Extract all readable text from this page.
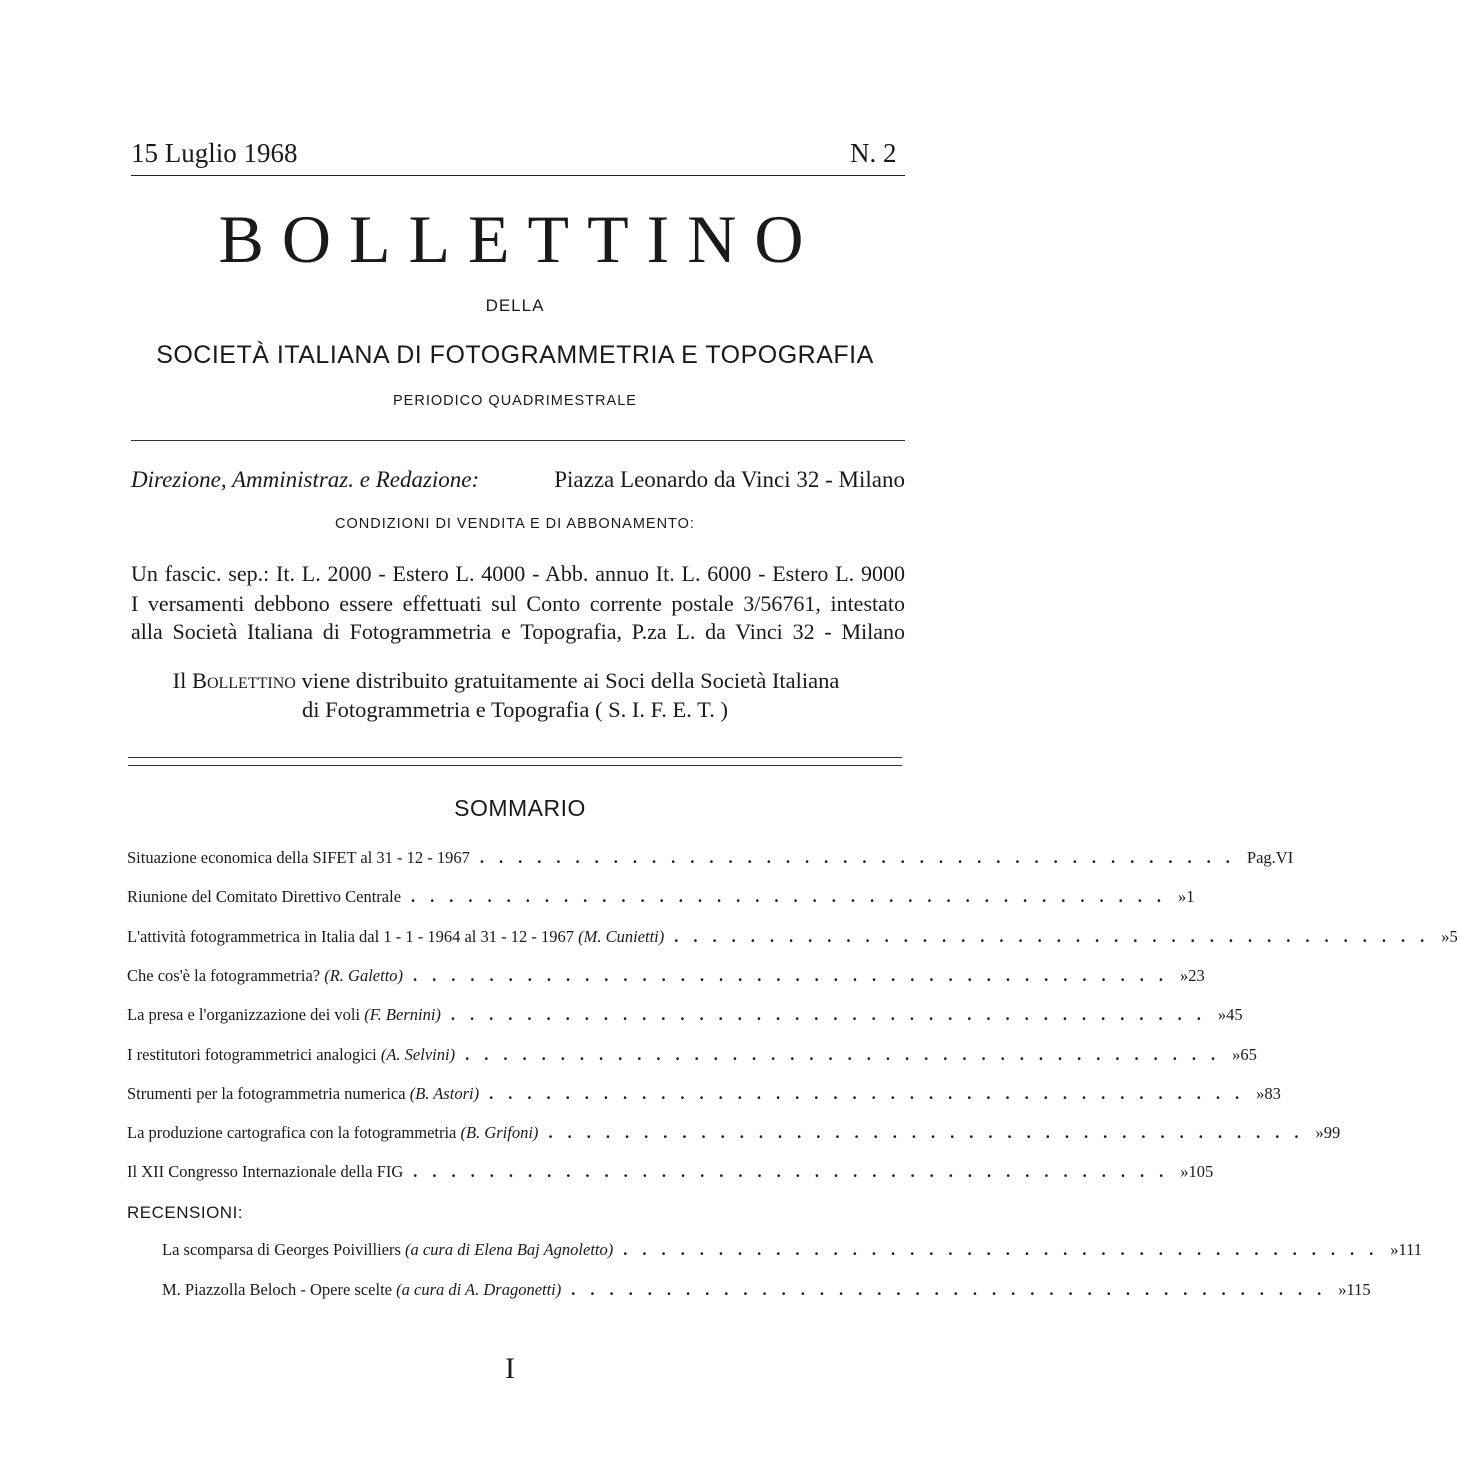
15 Luglio 1968	N. 2
BOLLETTINO
DELLA
SOCIETÀ ITALIANA DI FOTOGRAMMETRIA E TOPOGRAFIA
PERIODICO QUADRIMESTRALE
Direzione, Amministraz. e Redazione:	Piazza Leonardo da Vinci 32 - Milano
CONDIZIONI DI VENDITA E DI ABBONAMENTO:
Un fascic. sep.: It. L. 2000 - Estero L. 4000 - Abb. annuo It. L. 6000 - Estero L. 9000
I versamenti debbono essere effettuati sul Conto corrente postale 3/56761, intestato
alla Società Italiana di Fotogrammetria e Topografia, P.za L. da Vinci 32 - Milano
Il Bollettino viene distribuito gratuitamente ai Soci della Società Italiana
di Fotogrammetria e Topografia ( S. I. F. E. T. )
SOMMARIO
Situazione economica della SIFET al 31 - 12 - 1967 ........................................ Pag. VI
Riunione del Comitato Direttivo Centrale ........................................ » 1
L'attività fotogrammetrica in Italia dal 1 - 1 - 1964 al 31 - 12 - 1967 (M. Cunietti) ........................................ » 5
Che cos'è la fotogrammetria? (R. Galetto) ........................................ » 23
La presa e l'organizzazione dei voli (F. Bernini) ........................................ » 45
I restitutori fotogrammetrici analogici (A. Selvini) ........................................ » 65
Strumenti per la fotogrammetria numerica (B. Astori) ........................................ » 83
La produzione cartografica con la fotogrammetria (B. Grifoni) ........................................ » 99
Il XII Congresso Internazionale della FIG ........................................ » 105
RECENSIONI:
La scomparsa di Georges Poivilliers (a cura di Elena Baj Agnoletto) ........................................ » 111
M. Piazzolla Beloch - Opere scelte (a cura di A. Dragonetti) ........................................ » 115
I
